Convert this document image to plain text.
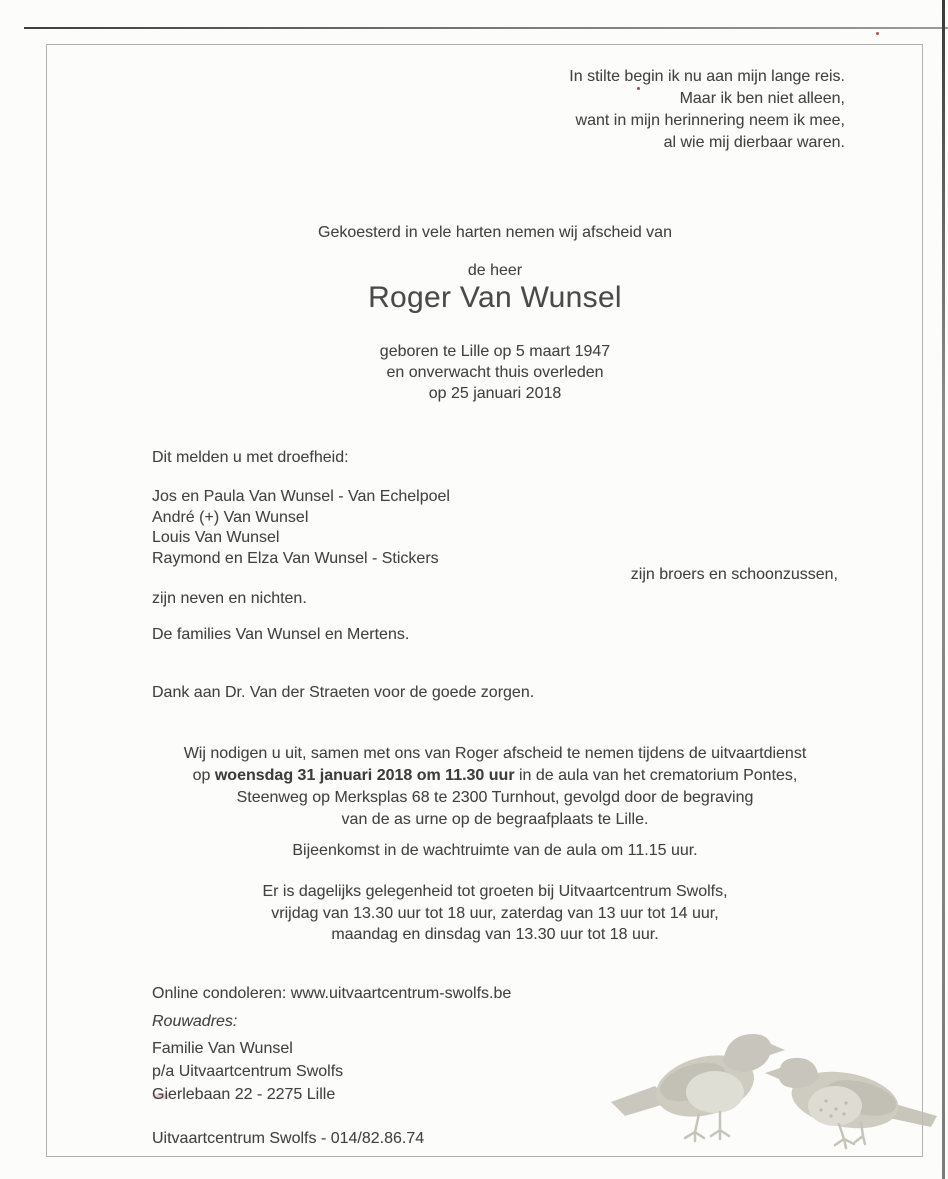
In stilte begin ik nu aan mijn lange reis.
Maar ik ben niet alleen,
want in mijn herinnering neem ik mee,
al wie mij dierbaar waren.
Gekoesterd in vele harten nemen wij afscheid van
de heer
Roger Van Wunsel
geboren te Lille op 5 maart 1947
en onverwacht thuis overleden
op 25 januari 2018
Dit melden u met droefheid:
Jos en Paula Van Wunsel - Van Echelpoel
André (+) Van Wunsel
Louis Van Wunsel
Raymond en Elza Van Wunsel - Stickers
zijn broers en schoonzussen,
zijn neven en nichten.
De families Van Wunsel en Mertens.
Dank aan Dr. Van der Straeten voor de goede zorgen.
Wij nodigen u uit, samen met ons van Roger afscheid te nemen tijdens de uitvaartdienst
op woensdag 31 januari 2018 om 11.30 uur in de aula van het crematorium Pontes,
Steenweg op Merksplas 68 te 2300 Turnhout, gevolgd door de begraving
van de as urne op de begraafplaats te Lille.
Bijeenkomst in de wachtruimte van de aula om 11.15 uur.
Er is dagelijks gelegenheid tot groeten bij Uitvaartcentrum Swolfs,
vrijdag van 13.30 uur tot 18 uur, zaterdag van 13 uur tot 14 uur,
maandag en dinsdag van 13.30 uur tot 18 uur.
Online condoleren: www.uitvaartcentrum-swolfs.be
Rouwadres:
Familie Van Wunsel
p/a Uitvaartcentrum Swolfs
Gierlebaan 22 - 2275 Lille
Uitvaartcentrum Swolfs - 014/82.86.74
